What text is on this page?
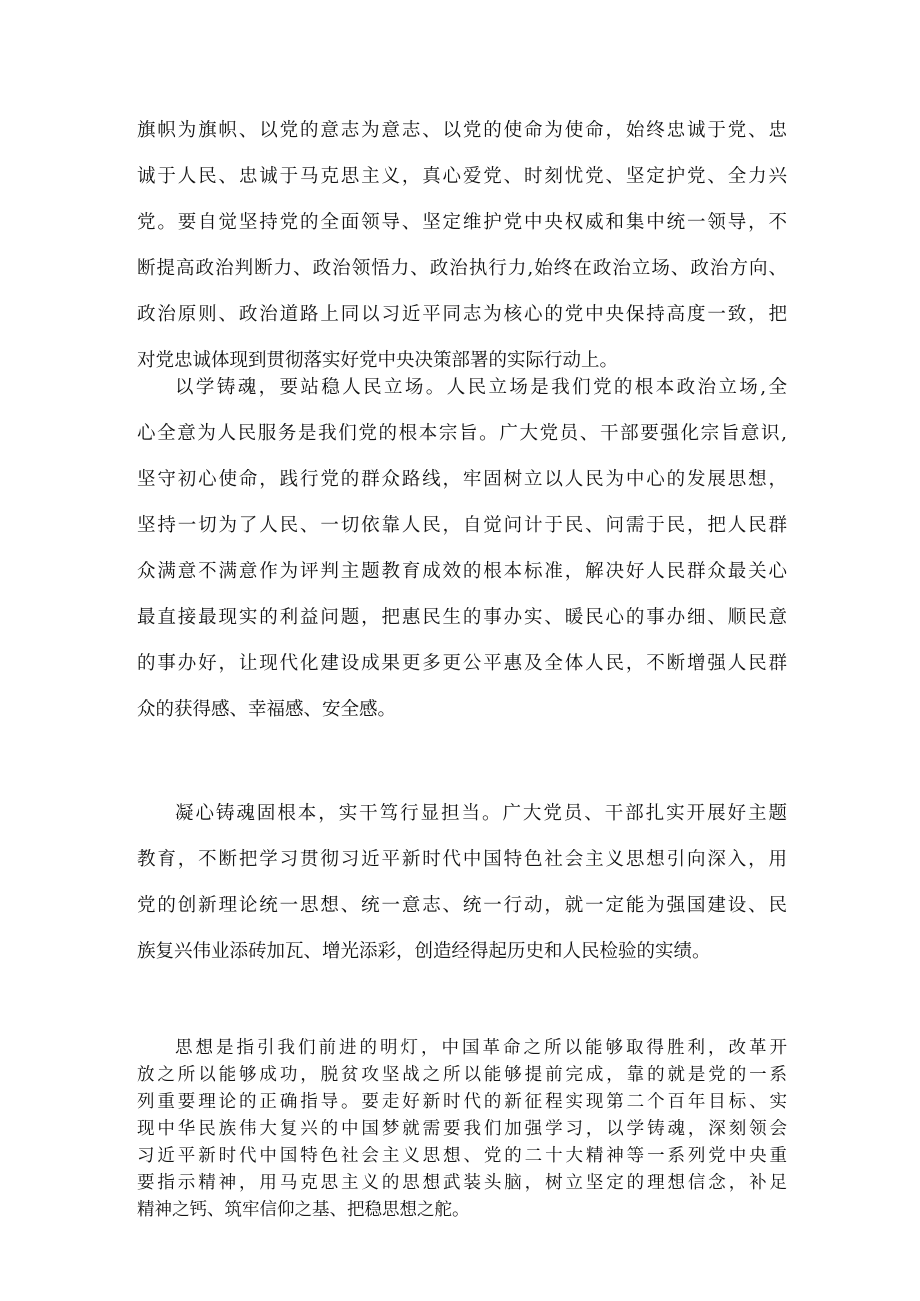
旗帜为旗帜、以党的意志为意志、以党的使命为使命，始终忠诚于党、忠
诚于人民、忠诚于马克思主义，真心爱党、时刻忧党、坚定护党、全力兴
党。要自觉坚持党的全面领导、坚定维护党中央权威和集中统一领导，不
断提高政治判断力、政治领悟力、政治执行力,始终在政治立场、政治方向、
政治原则、政治道路上同以习近平同志为核心的党中央保持高度一致，把
对党忠诚体现到贯彻落实好党中央决策部署的实际行动上。
以学铸魂，要站稳人民立场。人民立场是我们党的根本政治立场,全
心全意为人民服务是我们党的根本宗旨。广大党员、干部要强化宗旨意识,
坚守初心使命，践行党的群众路线，牢固树立以人民为中心的发展思想，
坚持一切为了人民、一切依靠人民，自觉问计于民、问需于民，把人民群
众满意不满意作为评判主题教育成效的根本标准，解决好人民群众最关心
最直接最现实的利益问题，把惠民生的事办实、暖民心的事办细、顺民意
的事办好，让现代化建设成果更多更公平惠及全体人民，不断增强人民群
众的获得感、幸福感、安全感。
凝心铸魂固根本，实干笃行显担当。广大党员、干部扎实开展好主题
教育，不断把学习贯彻习近平新时代中国特色社会主义思想引向深入，用
党的创新理论统一思想、统一意志、统一行动，就一定能为强国建设、民
族复兴伟业添砖加瓦、增光添彩，创造经得起历史和人民检验的实绩。
思想是指引我们前进的明灯，中国革命之所以能够取得胜利，改革开
放之所以能够成功，脱贫攻坚战之所以能够提前完成，靠的就是党的一系
列重要理论的正确指导。要走好新时代的新征程实现第二个百年目标、实
现中华民族伟大复兴的中国梦就需要我们加强学习，以学铸魂，深刻领会
习近平新时代中国特色社会主义思想、党的二十大精神等一系列党中央重
要指示精神，用马克思主义的思想武装头脑，树立坚定的理想信念，补足
精神之钙、筑牢信仰之基、把稳思想之舵。
